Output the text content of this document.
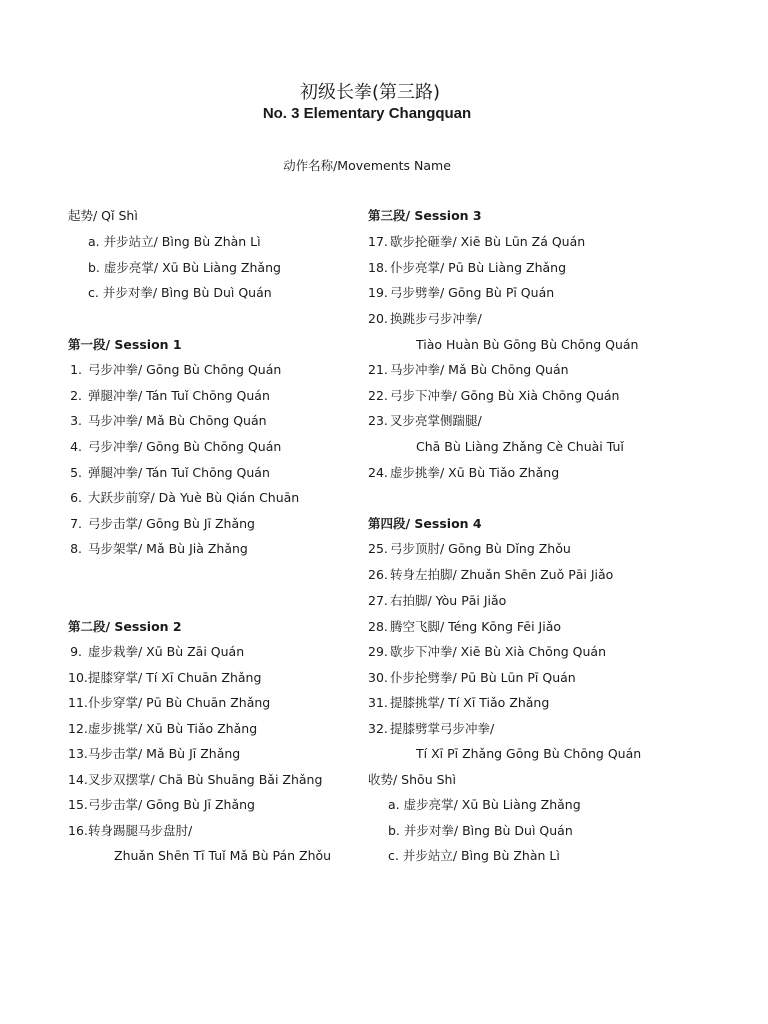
初级长拳(第三路)
No. 3 Elementary Changquan
动作名称/Movements Name
起势/ Qǐ Shì
a. 并步站立/ Bìng Bù Zhàn Lì
b. 虚步亮掌/ Xū Bù Liàng Zhǎng
c. 并步对拳/ Bìng Bù Duì Quán
第一段/ Session 1
1. 弓步冲拳/ Gōng Bù Chōng Quán
2. 弹腿冲拳/ Tán Tuǐ Chōng Quán
3. 马步冲拳/ Mǎ Bù Chōng Quán
4. 弓步冲拳/ Gōng Bù Chōng Quán
5. 弹腿冲拳/ Tán Tuǐ Chōng Quán
6. 大跃步前穿/ Dà Yuè Bù Qián Chuān
7. 弓步击掌/ Gōng Bù Jī Zhǎng
8. 马步架掌/ Mǎ Bù Jià Zhǎng
第二段/ Session 2
9. 虚步栽拳/ Xū Bù Zāi Quán
10.提膝穿掌/ Tí Xī Chuān Zhǎng
11.仆步穿掌/ Pū Bù Chuān Zhǎng
12.虚步挑掌/ Xū Bù Tiǎo Zhǎng
13.马步击掌/ Mǎ Bù Jī Zhǎng
14.叉步双摆掌/ Chā Bù Shuāng Bǎi Zhǎng
15.弓步击掌/ Gōng Bù Jī Zhǎng
16.转身踢腿马步盘肘/
Zhuǎn Shēn Tī Tuǐ Mǎ Bù Pán Zhǒu
第三段/ Session 3
17. 歇步抡砸拳/ Xiē Bù Lūn Zá Quán
18. 仆步亮掌/ Pū Bù Liàng Zhǎng
19. 弓步劈拳/ Gōng Bù Pī Quán
20. 换跳步弓步冲拳/
Tiào Huàn Bù Gōng Bù Chōng Quán
21. 马步冲拳/ Mǎ Bù Chōng Quán
22. 弓步下冲拳/ Gōng Bù Xià Chōng Quán
23. 叉步亮掌侧踹腿/
Chā Bù Liàng Zhǎng Cè Chuài Tuǐ
24. 虚步挑拳/ Xū Bù Tiǎo Zhǎng
第四段/ Session 4
25. 弓步顶肘/ Gōng Bù Dǐng Zhǒu
26. 转身左拍脚/ Zhuǎn Shēn Zuǒ Pāi Jiǎo
27. 右拍脚/ Yòu Pāi Jiǎo
28. 腾空飞脚/ Téng Kōng Fēi Jiǎo
29. 歇步下冲拳/ Xiē Bù Xià Chōng Quán
30. 仆步抡劈拳/ Pū Bù Lūn Pī Quán
31. 提膝挑掌/ Tí Xī Tiǎo Zhǎng
32. 提膝劈掌弓步冲拳/
Tí Xī Pī Zhǎng Gōng Bù Chōng Quán
收势/ Shōu Shì
a. 虚步亮掌/ Xū Bù Liàng Zhǎng
b. 并步对拳/ Bìng Bù Duì Quán
c. 并步站立/ Bìng Bù Zhàn Lì
